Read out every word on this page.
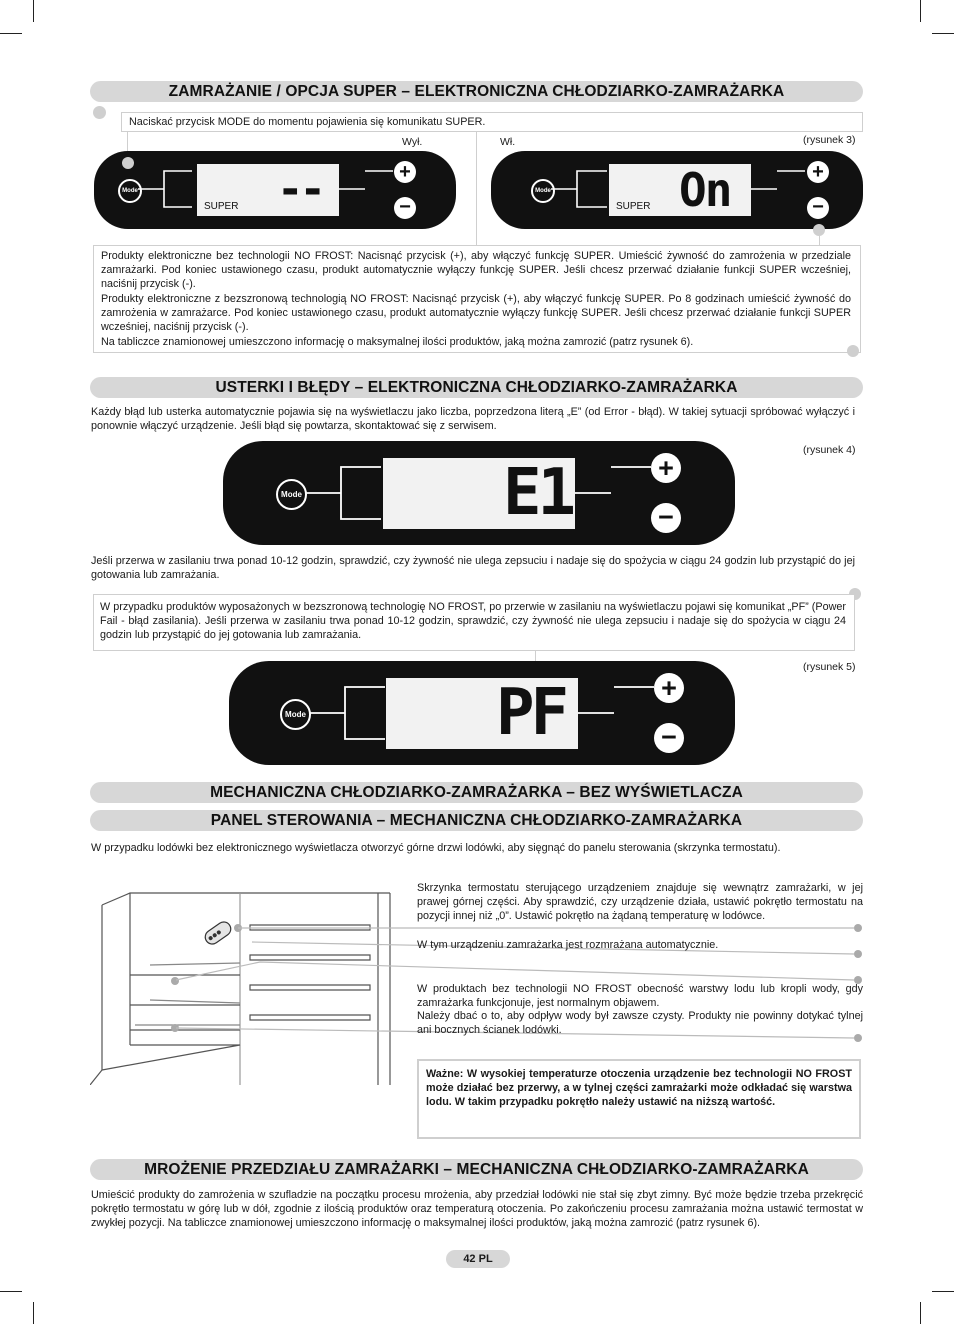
ZAMRAŻANIE / OPCJA SUPER – ELEKTRONICZNA CHŁODZIARKO-ZAMRAŻARKA
Naciskać przycisk MODE do momentu pojawienia się komunikatu SUPER.
Wył.	Wł.	(rysunek 3)
Mode	--
SUPER
+
−
Mode	On
SUPER
+
−
Produkty elektroniczne bez technologii NO FROST: Nacisnąć przycisk (+), aby włączyć funkcję SUPER. Umieścić żywność do zamrożenia w przedziale zamrażarki. Pod koniec ustawionego czasu, produkt automatycznie wyłączy funkcję SUPER. Jeśli chcesz przerwać działanie funkcji SUPER wcześniej, naciśnij przycisk (-).
Produkty elektroniczne z bezszronową technologią NO FROST: Nacisnąć przycisk (+), aby włączyć funkcję SUPER. Po 8 godzinach umieścić żywność do zamrożenia w zamrażarce. Pod koniec ustawionego czasu, produkt automatycznie wyłączy funkcję SUPER. Jeśli chcesz przerwać działanie funkcji SUPER wcześniej, naciśnij przycisk (-).
Na tabliczce znamionowej umieszczono informację o maksymalnej ilości produktów, jaką można zamrozić (patrz rysunek 6).
USTERKI I BŁĘDY – ELEKTRONICZNA CHŁODZIARKO-ZAMRAŻARKA
Każdy błąd lub usterka automatycznie pojawia się na wyświetlaczu jako liczba, poprzedzona literą „E” (od Error - błąd). W takiej sytuacji spróbować wyłączyć i ponownie włączyć urządzenie. Jeśli błąd się powtarza, skontaktować się z serwisem.
(rysunek 4)
Mode	E1	+
−
Jeśli przerwa w zasilaniu trwa ponad 10-12 godzin, sprawdzić, czy żywność nie ulega zepsuciu i nadaje się do spożycia w ciągu 24 godzin lub przystąpić do jej gotowania lub zamrażania.
W przypadku produktów wyposażonych w bezszronową technologię NO FROST, po przerwie w zasilaniu na wyświetlaczu pojawi się komunikat „PF” (Power Fail - błąd zasilania). Jeśli przerwa w zasilaniu trwa ponad 10-12 godzin, sprawdzić, czy żywność nie ulega zepsuciu i nadaje się do spożycia w ciągu 24 godzin lub przystąpić do jej gotowania lub zamrażania.
(rysunek 5)
Mode	PF	+
−
MECHANICZNA CHŁODZIARKO-ZAMRAŻARKA – BEZ WYŚWIETLACZA
PANEL STEROWANIA – MECHANICZNA CHŁODZIARKO-ZAMRAŻARKA
W przypadku lodówki bez elektronicznego wyświetlacza otworzyć górne drzwi lodówki, aby sięgnąć do panelu sterowania (skrzynka termostatu).
Skrzynka termostatu sterującego urządzeniem znajduje się wewnątrz zamrażarki, w jej prawej górnej części. Aby sprawdzić, czy urządzenie działa, ustawić pokrętło termostatu na pozycji innej niż „0”. Ustawić pokrętło na żądaną temperaturę w lodówce.
W tym urządzeniu zamrażarka jest rozmrażana automatycznie.
W produktach bez technologii NO FROST obecność warstwy lodu lub kropli wody, gdy zamrażarka funkcjonuje, jest normalnym objawem.
Należy dbać o to, aby odpływ wody był zawsze czysty. Produkty nie powinny dotykać tylnej ani bocznych ścianek lodówki.
Ważne: W wysokiej temperaturze otoczenia urządzenie bez technologii NO FROST może działać bez przerwy, a w tylnej części zamrażarki może odkładać się warstwa lodu. W takim przypadku pokrętło należy ustawić na niższą wartość.
MROŻENIE PRZEDZIAŁU ZAMRAŻARKI – MECHANICZNA CHŁODZIARKO-ZAMRAŻARKA
Umieścić produkty do zamrożenia w szufladzie na początku procesu mrożenia, aby przedział lodówki nie stał się zbyt zimny. Być może będzie trzeba przekręcić pokrętło termostatu w górę lub w dół, zgodnie z ilością produktów oraz temperaturą otoczenia. Po zakończeniu procesu zamrażania można ustawić termostat w zwykłej pozycji. Na tabliczce znamionowej umieszczono informację o maksymalnej ilości produktów, jaką można zamrozić (patrz rysunek 6).
42 PL
